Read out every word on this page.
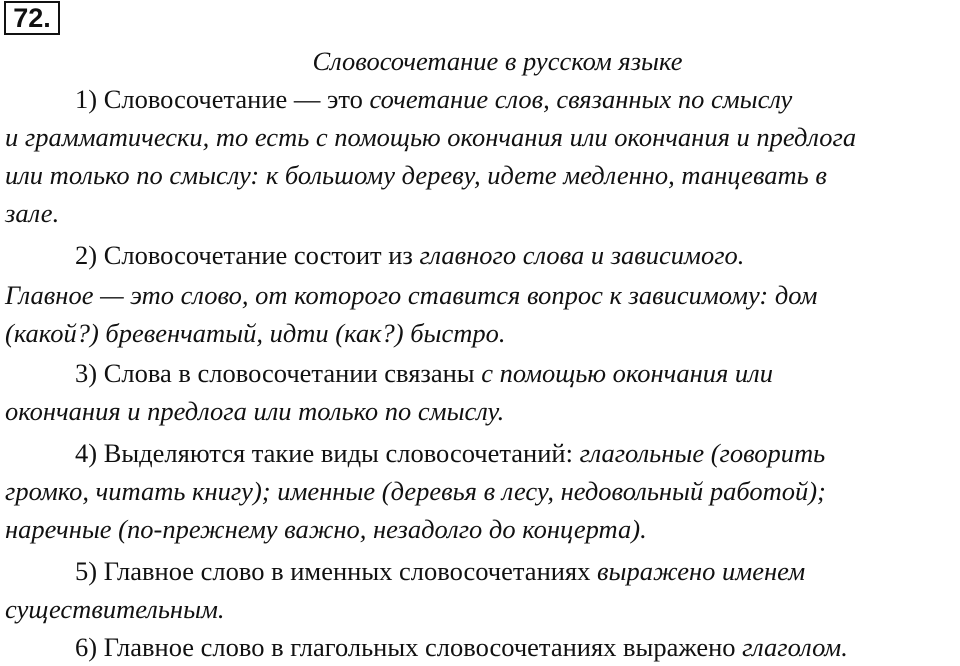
72.
Словосочетание в русском языке
1) Словосочетание — это сочетание слов, связанных по смыслу
и грамматически, то есть с помощью окончания или окончания и предлога
или только по смыслу: к большому дереву, идете медленно, танцевать в
зале.
2) Словосочетание состоит из главного слова и зависимого.
Главное — это слово, от которого ставится вопрос к зависимому: дом
(какой?) бревенчатый, идти (как?) быстро.
3) Слова в словосочетании связаны с помощью окончания или
окончания и предлога или только по смыслу.
4) Выделяются такие виды словосочетаний: глагольные (говорить
громко, читать книгу); именные (деревья в лесу, недовольный работой);
наречные (по-прежнему важно, незадолго до концерта).
5) Главное слово в именных словосочетаниях выражено именем
существительным.
6) Главное слово в глагольных словосочетаниях выражено глаголом.
